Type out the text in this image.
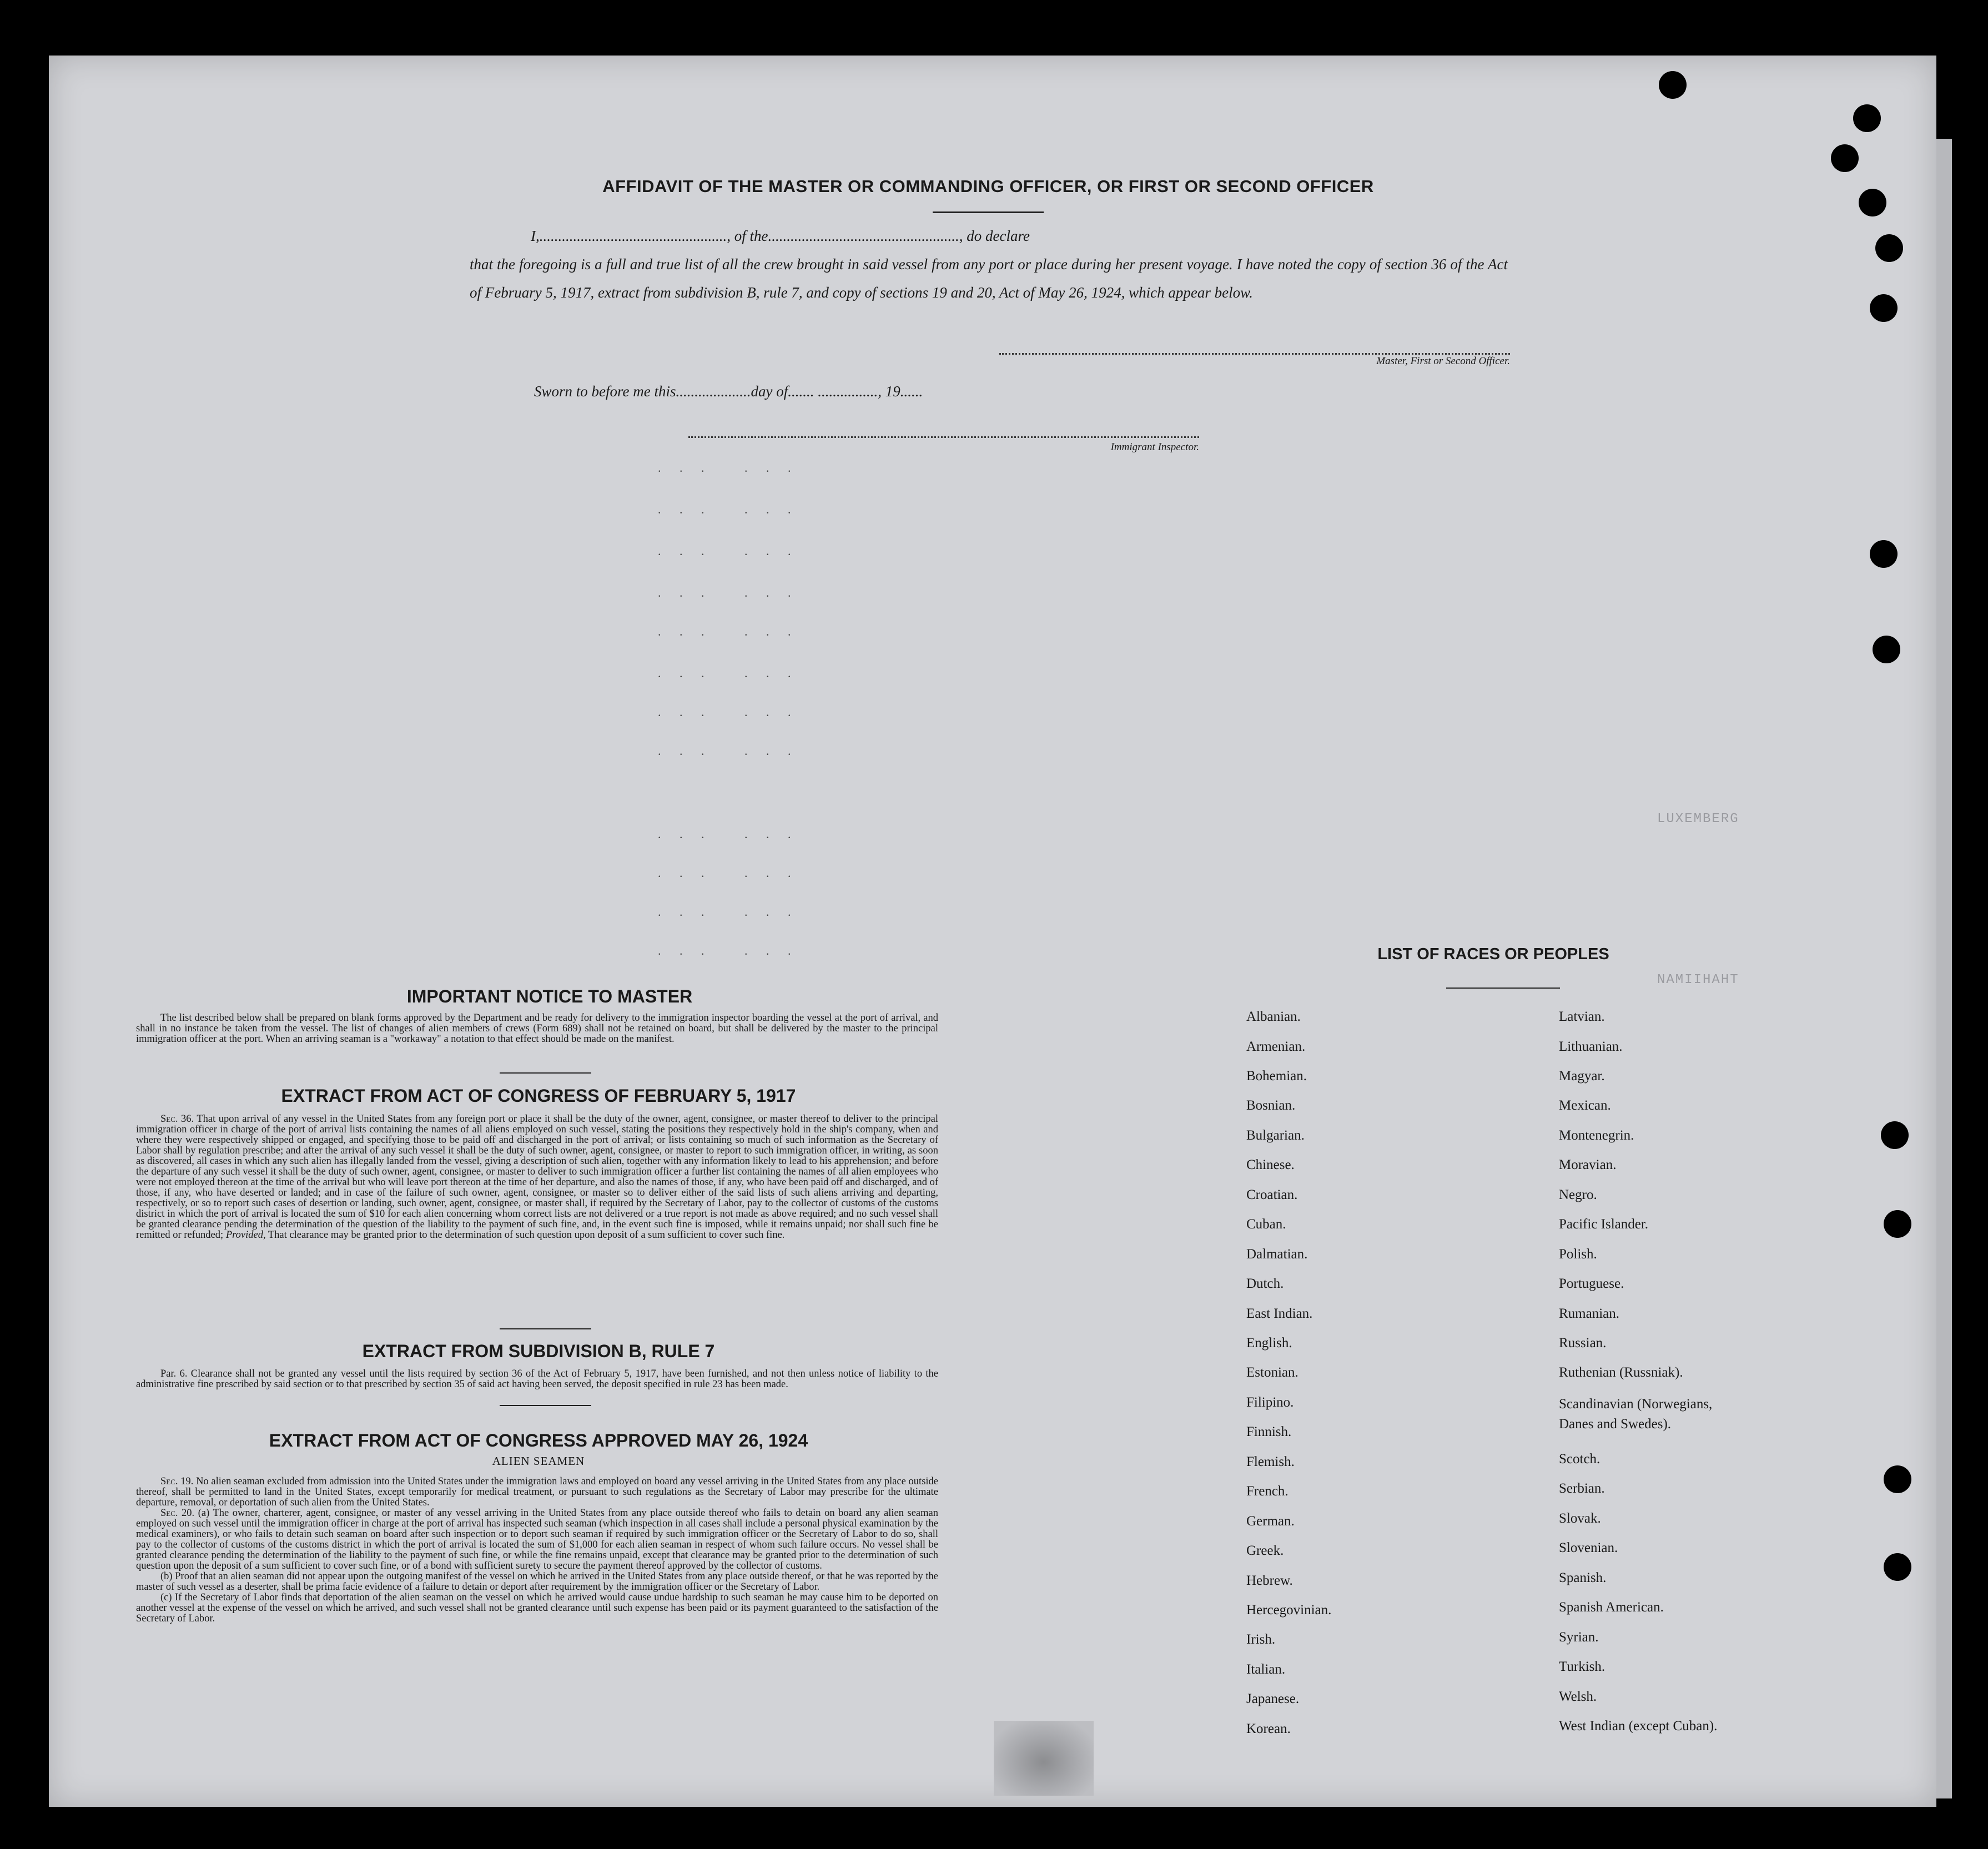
AFFIDAVIT OF THE MASTER OR COMMANDING OFFICER, OR FIRST OR SECOND OFFICER
I,.................................................., of the..................................................., do declare
that the foregoing is a full and true list of all the crew brought in said vessel from any port or place during her present voyage. I have noted the copy of section 36 of the Act of February 5, 1917, extract from subdivision B, rule 7, and copy of sections 19 and 20, Act of May 26, 1924, which appear below.
Master, First or Second Officer.
Sworn to before me this....................day of....... ................, 19......
Immigrant Inspector.
. . .   . . .
. . .   . . .
. . .   . . .
. . .   . . .
. . .   . . .
. . .   . . .
. . .   . . .
. . .   . . .
. . .   . . .
. . .   . . .
. . .   . . .
. . .   . . .
LUXEMBERG
NAMIIHAHT
IMPORTANT NOTICE TO MASTER

The list described below shall be prepared on blank forms approved by the Department and be ready for delivery to the immigration inspector boarding the vessel at the port of arrival, and shall in no instance be taken from the vessel. The list of changes of alien members of crews (Form 689) shall not be retained on board, but shall be delivered by the master to the principal immigration officer at the port. When an arriving seaman is a "workaway" a notation to that effect should be made on the manifest.

EXTRACT FROM ACT OF CONGRESS OF FEBRUARY 5, 1917

Sec. 36. That upon arrival of any vessel in the United States from any foreign port or place it shall be the duty of the owner, agent, consignee, or master thereof to deliver to the principal immigration officer in charge of the port of arrival lists containing the names of all aliens employed on such vessel, stating the positions they respectively hold in the ship's company, when and where they were respectively shipped or engaged, and specifying those to be paid off and discharged in the port of arrival; or lists containing so much of such information as the Secretary of Labor shall by regulation prescribe; and after the arrival of any such vessel it shall be the duty of such owner, agent, consignee, or master to report to such immigration officer, in writing, as soon as discovered, all cases in which any such alien has illegally landed from the vessel, giving a description of such alien, together with any information likely to lead to his apprehension; and before the departure of any such vessel it shall be the duty of such owner, agent, consignee, or master to deliver to such immigration officer a further list containing the names of all alien employees who were not employed thereon at the time of the arrival but who will leave port thereon at the time of her departure, and also the names of those, if any, who have been paid off and discharged, and of those, if any, who have deserted or landed; and in case of the failure of such owner, agent, consignee, or master so to deliver either of the said lists of such aliens arriving and departing, respectively, or so to report such cases of desertion or landing, such owner, agent, consignee, or master shall, if required by the Secretary of Labor, pay to the collector of customs of the customs district in which the port of arrival is located the sum of $10 for each alien concerning whom correct lists are not delivered or a true report is not made as above required; and no such vessel shall be granted clearance pending the determination of the question of the liability to the payment of such fine, and, in the event such fine is imposed, while it remains unpaid; nor shall such fine be remitted or refunded; Provided, That clearance may be granted prior to the determination of such question upon deposit of a sum sufficient to cover such fine.

EXTRACT FROM SUBDIVISION B, RULE 7

Par. 6. Clearance shall not be granted any vessel until the lists required by section 36 of the Act of February 5, 1917, have been furnished, and not then unless notice of liability to the administrative fine prescribed by said section or to that prescribed by section 35 of said act having been served, the deposit specified in rule 23 has been made.

EXTRACT FROM ACT OF CONGRESS APPROVED MAY 26, 1924
ALIEN SEAMEN

Sec. 19. No alien seaman excluded from admission into the United States under the immigration laws and employed on board any vessel arriving in the United States from any place outside thereof, shall be permitted to land in the United States, except temporarily for medical treatment, or pursuant to such regulations as the Secretary of Labor may prescribe for the ultimate departure, removal, or deportation of such alien from the United States.

Sec. 20. (a) The owner, charterer, agent, consignee, or master of any vessel arriving in the United States from any place outside thereof who fails to detain on board any alien seaman employed on such vessel until the immigration officer in charge at the port of arrival has inspected such seaman (which inspection in all cases shall include a personal physical examination by the medical examiners), or who fails to detain such seaman on board after such inspection or to deport such seaman if required by such immigration officer or the Secretary of Labor to do so, shall pay to the collector of customs of the customs district in which the port of arrival is located the sum of $1,000 for each alien seaman in respect of whom such failure occurs. No vessel shall be granted clearance pending the determination of the liability to the payment of such fine, or while the fine remains unpaid, except that clearance may be granted prior to the determination of such question upon the deposit of a sum sufficient to cover such fine, or of a bond with sufficient surety to secure the payment thereof approved by the collector of customs.

(b) Proof that an alien seaman did not appear upon the outgoing manifest of the vessel on which he arrived in the United States from any place outside thereof, or that he was reported by the master of such vessel as a deserter, shall be prima facie evidence of a failure to detain or deport after requirement by the immigration officer or the Secretary of Labor.

(c) If the Secretary of Labor finds that deportation of the alien seaman on the vessel on which he arrived would cause undue hardship to such seaman he may cause him to be deported on another vessel at the expense of the vessel on which he arrived, and such vessel shall not be granted clearance until such expense has been paid or its payment guaranteed to the satisfaction of the Secretary of Labor.

LIST OF RACES OR PEOPLES
Albanian.
Armenian.
Bohemian.
Bosnian.
Bulgarian.
Chinese.
Croatian.
Cuban.
Dalmatian.
Dutch.
East Indian.
English.
Estonian.
Filipino.
Finnish.
Flemish.
French.
German.
Greek.
Hebrew.
Hercegovinian.
Irish.
Italian.
Japanese.
Korean.
Latvian.
Lithuanian.
Magyar.
Mexican.
Montenegrin.
Moravian.
Negro.
Pacific Islander.
Polish.
Portuguese.
Rumanian.
Russian.
Ruthenian (Russniak).
Scandinavian (Norwegians, Danes and Swedes).
Scotch.
Serbian.
Slovak.
Slovenian.
Spanish.
Spanish American.
Syrian.
Turkish.
Welsh.
West Indian (except Cuban).
